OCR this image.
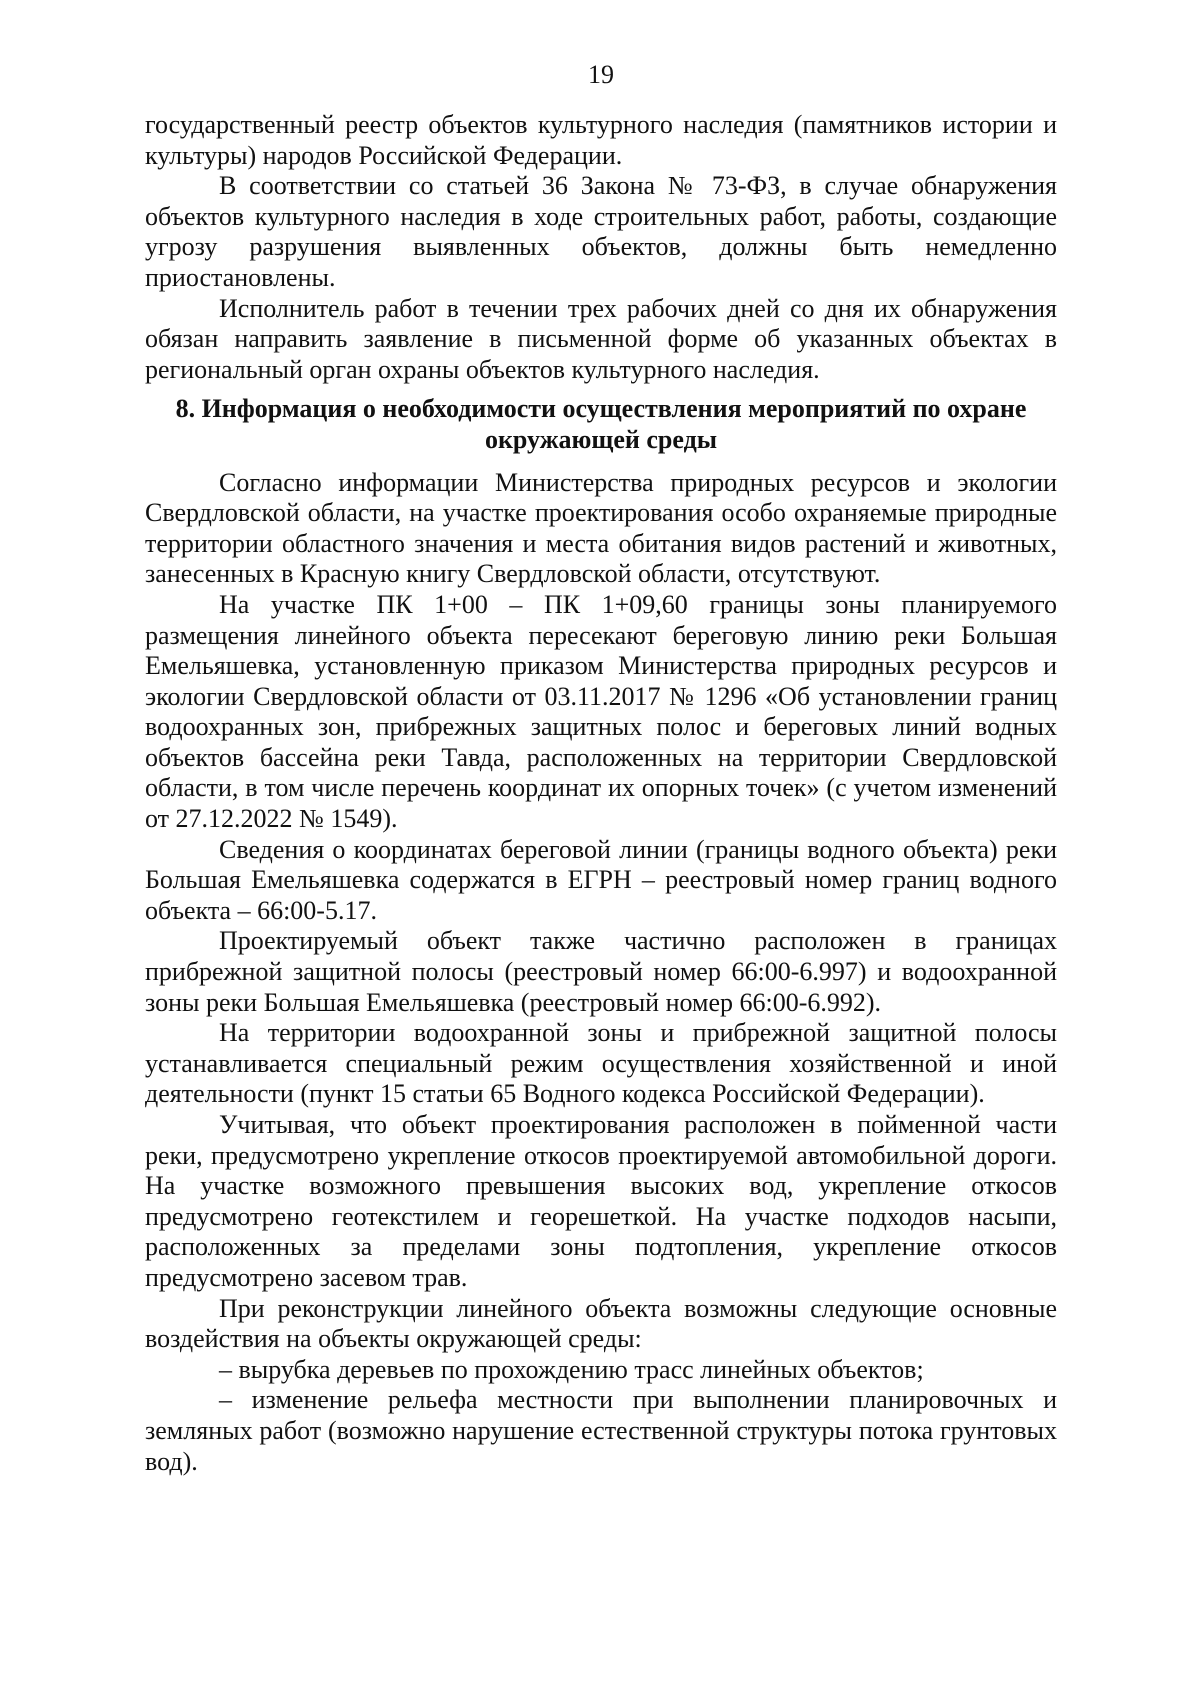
19

государственный реестр объектов культурного наследия (памятников истории и культуры) народов Российской Федерации.

В соответствии со статьей 36 Закона № 73-ФЗ, в случае обнаружения объектов культурного наследия в ходе строительных работ, работы, создающие угрозу разрушения выявленных объектов, должны быть немедленно приостановлены.

Исполнитель работ в течении трех рабочих дней со дня их обнаружения обязан направить заявление в письменной форме об указанных объектах в региональный орган охраны объектов культурного наследия.

8. Информация о необходимости осуществления мероприятий по охране окружающей среды

Согласно информации Министерства природных ресурсов и экологии Свердловской области, на участке проектирования особо охраняемые природные территории областного значения и места обитания видов растений и животных, занесенных в Красную книгу Свердловской области, отсутствуют.

На участке ПК 1+00 – ПК 1+09,60 границы зоны планируемого размещения линейного объекта пересекают береговую линию реки Большая Емельяшевка, установленную приказом Министерства природных ресурсов и экологии Свердловской области от 03.11.2017 № 1296 «Об установлении границ водоохранных зон, прибрежных защитных полос и береговых линий водных объектов бассейна реки Тавда, расположенных на территории Свердловской области, в том числе перечень координат их опорных точек» (с учетом изменений от 27.12.2022 № 1549).

Сведения о координатах береговой линии (границы водного объекта) реки Большая Емельяшевка содержатся в ЕГРН – реестровый номер границ водного объекта – 66:00-5.17.

Проектируемый объект также частично расположен в границах прибрежной защитной полосы (реестровый номер 66:00-6.997) и водоохранной зоны реки Большая Емельяшевка (реестровый номер 66:00-6.992).

На территории водоохранной зоны и прибрежной защитной полосы устанавливается специальный режим осуществления хозяйственной и иной деятельности (пункт 15 статьи 65 Водного кодекса Российской Федерации).

Учитывая, что объект проектирования расположен в пойменной части реки, предусмотрено укрепление откосов проектируемой автомобильной дороги. На участке возможного превышения высоких вод, укрепление откосов предусмотрено геотекстилем и георешеткой. На участке подходов насыпи, расположенных за пределами зоны подтопления, укрепление откосов предусмотрено засевом трав.

При реконструкции линейного объекта возможны следующие основные воздействия на объекты окружающей среды:

– вырубка деревьев по прохождению трасс линейных объектов;

– изменение рельефа местности при выполнении планировочных и земляных работ (возможно нарушение естественной структуры потока грунтовых вод).
